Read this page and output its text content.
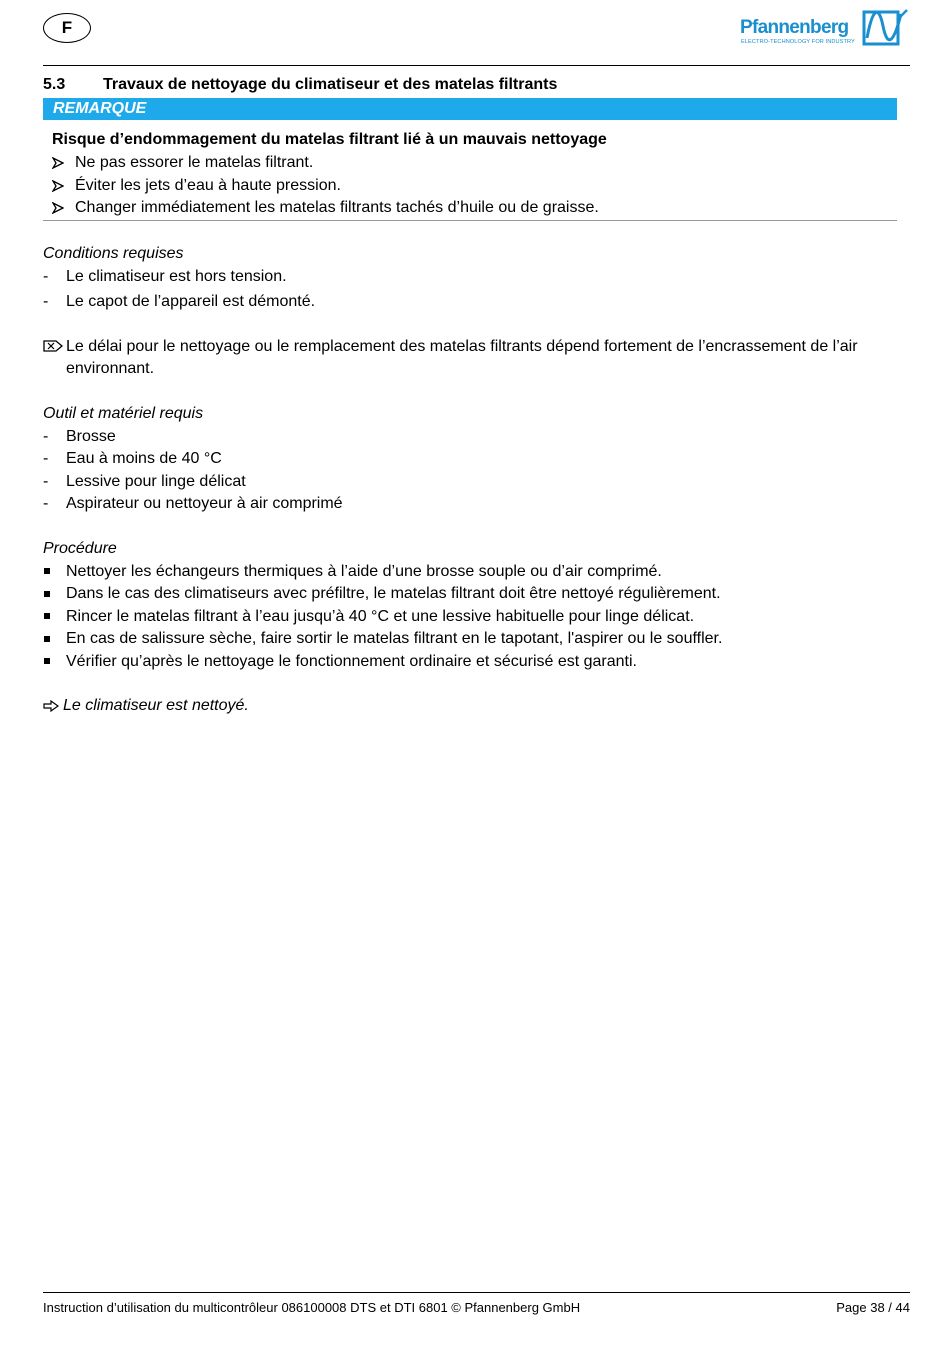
F	Pfannenberg
ELECTRO-TECHNOLOGY FOR INDUSTRY
5.3 Travaux de nettoyage du climatiseur et des matelas filtrants
REMARQUE
Risque d’endommagement du matelas filtrant lié à un mauvais nettoyage
Ne pas essorer le matelas filtrant.
Éviter les jets d’eau à haute pression.
Changer immédiatement les matelas filtrants tachés d’huile ou de graisse.
Conditions requises
- Le climatiseur est hors tension.
- Le capot de l’appareil est démonté.
Le délai pour le nettoyage ou le remplacement des matelas filtrants dépend fortement de l’encrassement de l’air
environnant.
Outil et matériel requis
- Brosse
- Eau à moins de 40 °C
- Lessive pour linge délicat
- Aspirateur ou nettoyeur à air comprimé
Procédure
Nettoyer les échangeurs thermiques à l’aide d’une brosse souple ou d’air comprimé.
Dans le cas des climatiseurs avec préfiltre, le matelas filtrant doit être nettoyé régulièrement.
Rincer le matelas filtrant à l’eau jusqu’à 40 °C et une lessive habituelle pour linge délicat.
En cas de salissure sèche, faire sortir le matelas filtrant en le tapotant, l'aspirer ou le souffler.
Vérifier qu’après le nettoyage le fonctionnement ordinaire et sécurisé est garanti.
Le climatiseur est nettoyé.
Instruction d’utilisation du multicontrôleur 086100008 DTS et DTI 6801 © Pfannenberg GmbH	Page 38 / 44
